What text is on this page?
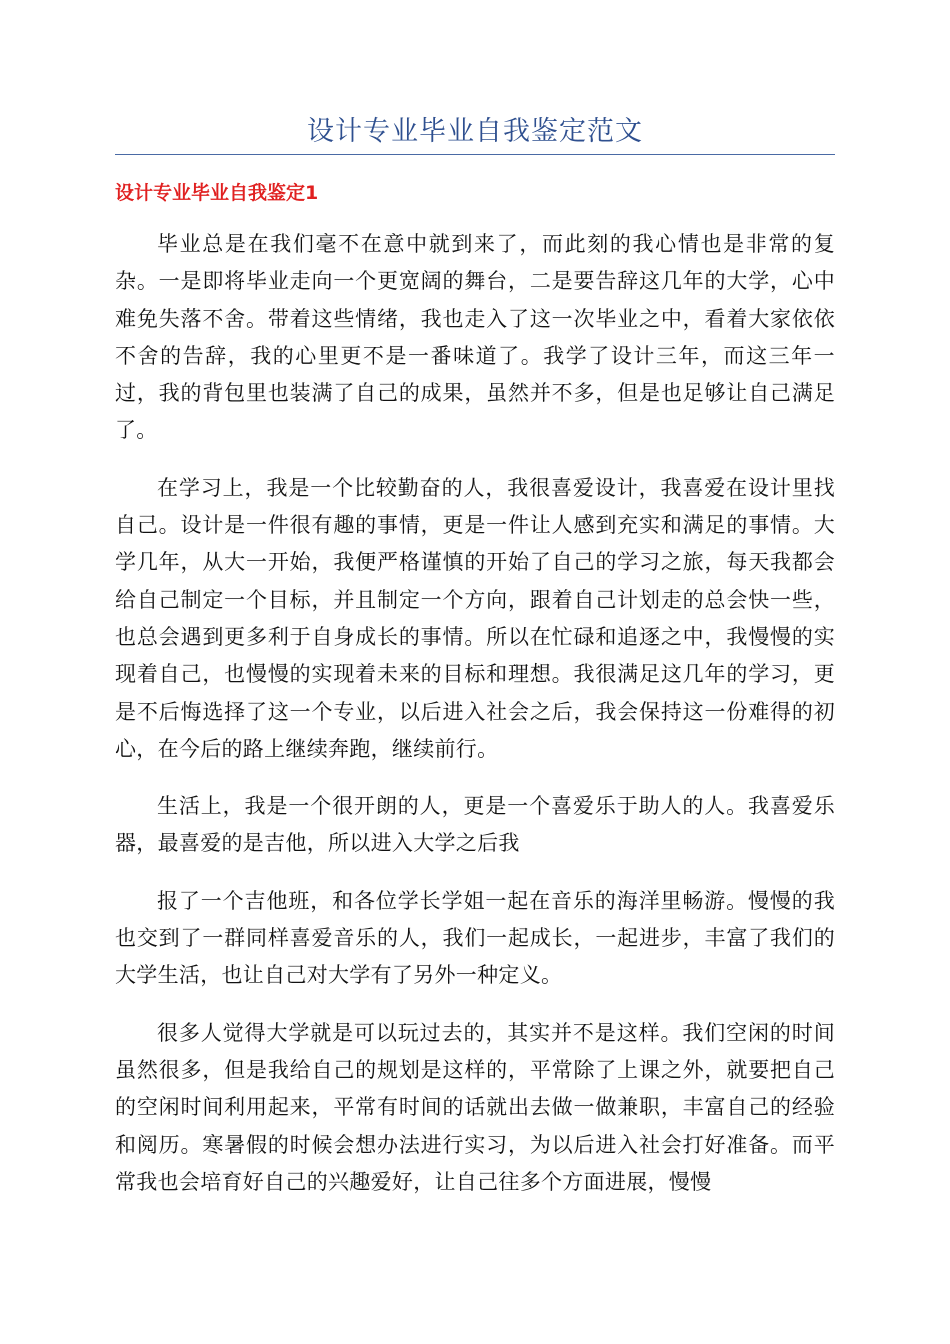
设计专业毕业自我鉴定范文
设计专业毕业自我鉴定1

毕业总是在我们毫不在意中就到来了，而此刻的我心情也是非常的复杂。一是即将毕业走向一个更宽阔的舞台，二是要告辞这几年的大学，心中难免失落不舍。带着这些情绪，我也走入了这一次毕业之中，看着大家依依不舍的告辞，我的心里更不是一番味道了。我学了设计三年，而这三年一过，我的背包里也装满了自己的成果，虽然并不多，但是也足够让自己满足了。

在学习上，我是一个比较勤奋的人，我很喜爱设计，我喜爱在设计里找自己。设计是一件很有趣的事情，更是一件让人感到充实和满足的事情。大学几年，从大一开始，我便严格谨慎的开始了自己的学习之旅，每天我都会给自己制定一个目标，并且制定一个方向，跟着自己计划走的总会快一些，也总会遇到更多利于自身成长的事情。所以在忙碌和追逐之中，我慢慢的实现着自己，也慢慢的实现着未来的目标和理想。我很满足这几年的学习，更是不后悔选择了这一个专业，以后进入社会之后，我会保持这一份难得的初心，在今后的路上继续奔跑，继续前行。

生活上，我是一个很开朗的人，更是一个喜爱乐于助人的人。我喜爱乐器，最喜爱的是吉他，所以进入大学之后我

报了一个吉他班，和各位学长学姐一起在音乐的海洋里畅游。慢慢的我也交到了一群同样喜爱音乐的人，我们一起成长，一起进步，丰富了我们的大学生活，也让自己对大学有了另外一种定义。

很多人觉得大学就是可以玩过去的，其实并不是这样。我们空闲的时间虽然很多，但是我给自己的规划是这样的，平常除了上课之外，就要把自己的空闲时间利用起来，平常有时间的话就出去做一做兼职，丰富自己的经验和阅历。寒暑假的时候会想办法进行实习，为以后进入社会打好准备。而平常我也会培育好自己的兴趣爱好，让自己往多个方面进展，慢慢
